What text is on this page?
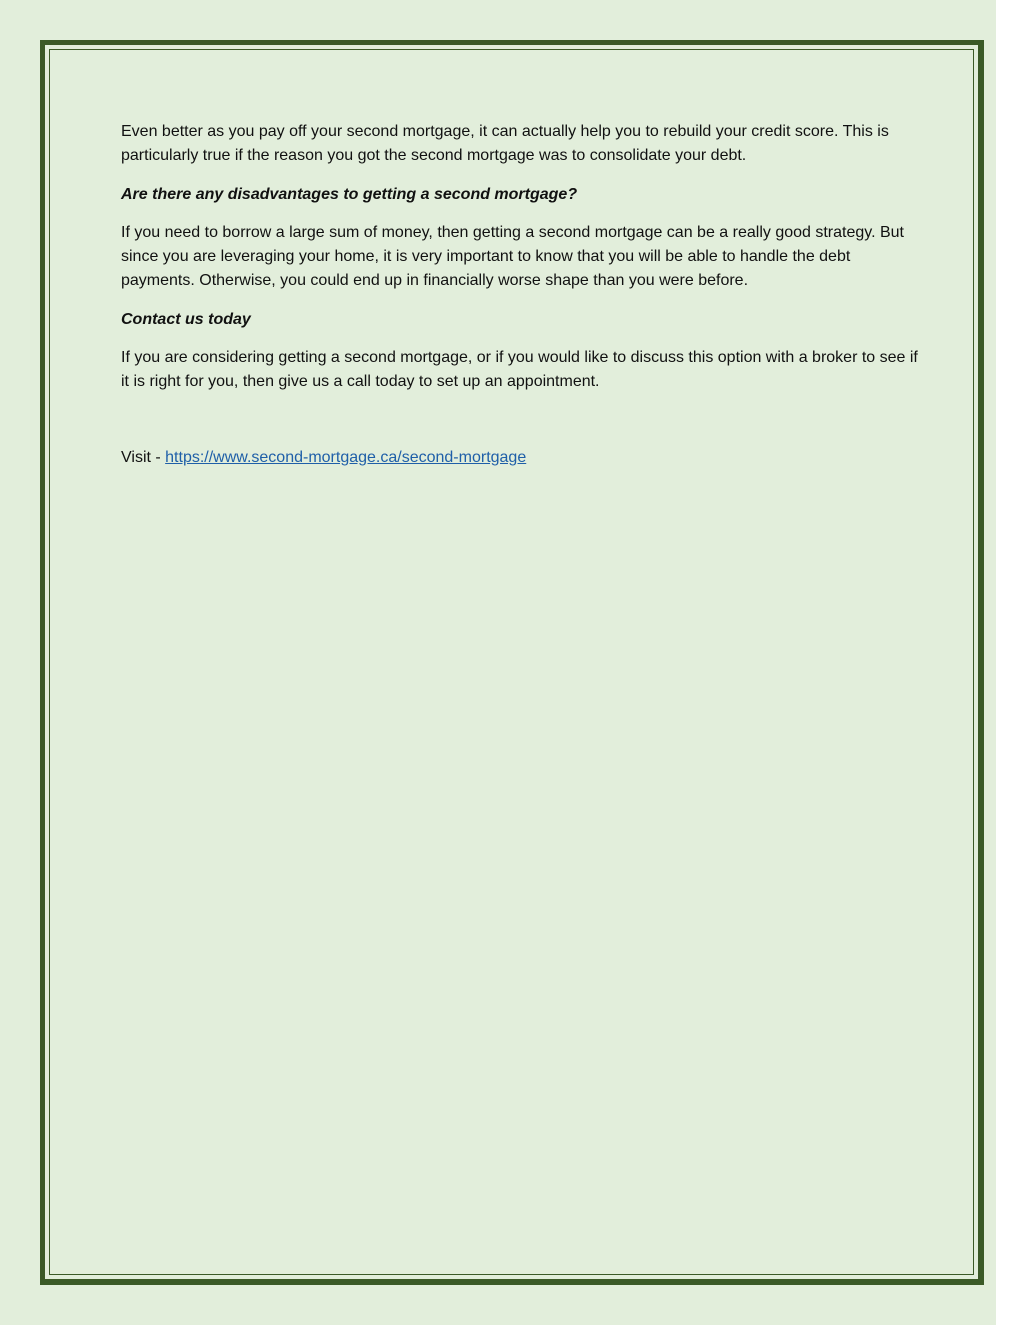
Even better as you pay off your second mortgage, it can actually help you to rebuild your credit score. This is particularly true if the reason you got the second mortgage was to consolidate your debt.

Are there any disadvantages to getting a second mortgage?

If you need to borrow a large sum of money, then getting a second mortgage can be a really good strategy. But since you are leveraging your home, it is very important to know that you will be able to handle the debt payments. Otherwise, you could end up in financially worse shape than you were before.

Contact us today

If you are considering getting a second mortgage, or if you would like to discuss this option with a broker to see if it is right for you, then give us a call today to set up an appointment.

Visit - https://www.second-mortgage.ca/second-mortgage
